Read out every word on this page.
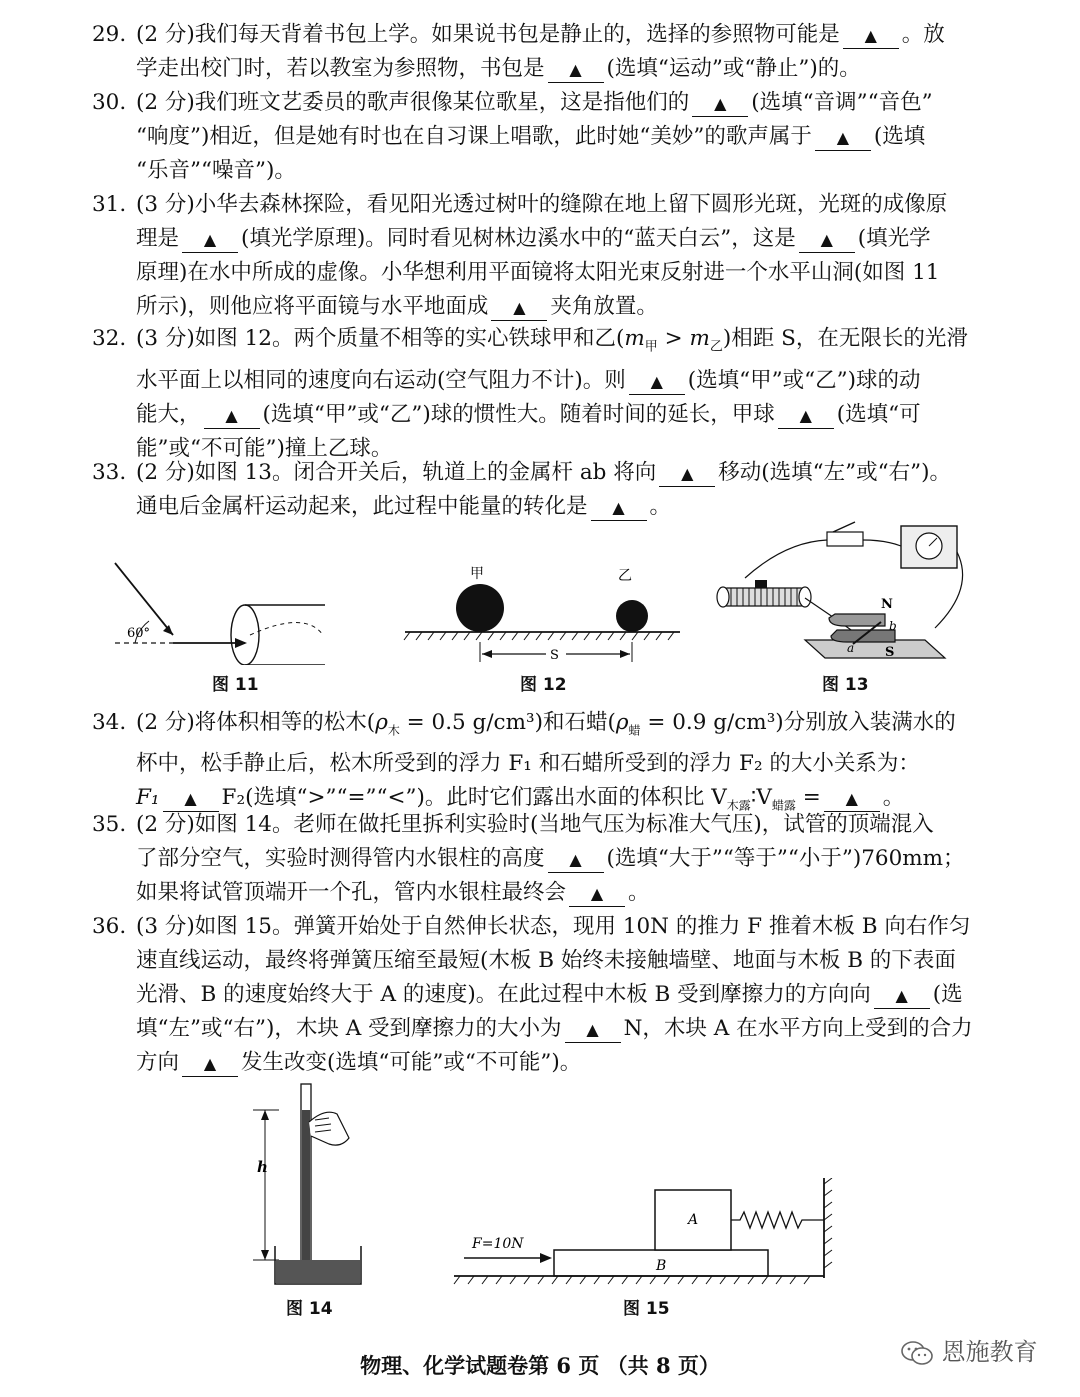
29. (2 分)我们每天背着书包上学。如果说书包是静止的，选择的参照物可能是 ▲ 。放
学走出校门时，若以教室为参照物，书包是 ▲ (选填“运动”或“静止”)的。
30. (2 分)我们班文艺委员的歌声很像某位歌星，这是指他们的 ▲ (选填“音调”“音色”
“响度”)相近，但是她有时也在自习课上唱歌，此时她“美妙”的歌声属于 ▲ (选填
“乐音”“噪音”)。
31. (3 分)小华去森林探险，看见阳光透过树叶的缝隙在地上留下圆形光斑，光斑的成像原
理是 ▲ (填光学原理)。同时看见树林边溪水中的“蓝天白云”，这是 ▲ (填光学
原理)在水中所成的虚像。小华想利用平面镜将太阳光束反射进一个水平山洞(如图 11
所示)，则他应将平面镜与水平地面成 ▲ 夹角放置。
32. (3 分)如图 12。两个质量不相等的实心铁球甲和乙$(m_甲 > m_乙)$相距 S，在无限长的光滑
水平面上以相同的速度向右运动(空气阻力不计)。则 ▲ (选填“甲”或“乙”)球的动
能大， ▲ (选填“甲”或“乙”)球的惯性大。随着时间的延长，甲球 ▲ (选填“可
能”或“不可能”)撞上乙球。
33. (2 分)如图 13。闭合开关后，轨道上的金属杆 ab 将向 ▲ 移动(选填“左”或“右”)。
通电后金属杆运动起来，此过程中能量的转化是 ▲ 。
60°
图 11
甲	乙
S
图 12
N
S
a
b
图 13
34. (2 分)将体积相等的松木($\rho_木 = 0.5$ g/cm³)和石蜡($\rho_蜡 = 0.9$ g/cm³)分别放入装满水的
杯中，松手静止后，松木所受到的浮力 F₁ 和石蜡所受到的浮力 F₂ 的大小关系为：
F₁ ▲ F₂(选填“>”“=”“<”)。此时它们露出水面的体积比 $V_{木露}∶V_{蜡露}$ = ▲ 。
35. (2 分)如图 14。老师在做托里拆利实验时(当地气压为标准大气压)，试管的顶端混入
了部分空气，实验时测得管内水银柱的高度 ▲ (选填“大于”“等于”“小于”)760mm；
如果将试管顶端开一个孔，管内水银柱最终会 ▲ 。
36. (3 分)如图 15。弹簧开始处于自然伸长状态，现用 10N 的推力 F 推着木板 B 向右作匀
速直线运动，最终将弹簧压缩至最短(木板 B 始终未接触墙壁、地面与木板 B 的下表面
光滑、B 的速度始终大于 A 的速度)。在此过程中木板 B 受到摩擦力的方向向 ▲ (选
填“左”或“右”)，木块 A 受到摩擦力的大小为 ▲ N，木块 A 在水平方向上受到的合力
方向 ▲ 发生改变(选填“可能”或“不可能”)。
h
图 14
F=10N
B
A
图 15
物理、化学试题卷第 6 页 （共 8 页）	恩施教育
